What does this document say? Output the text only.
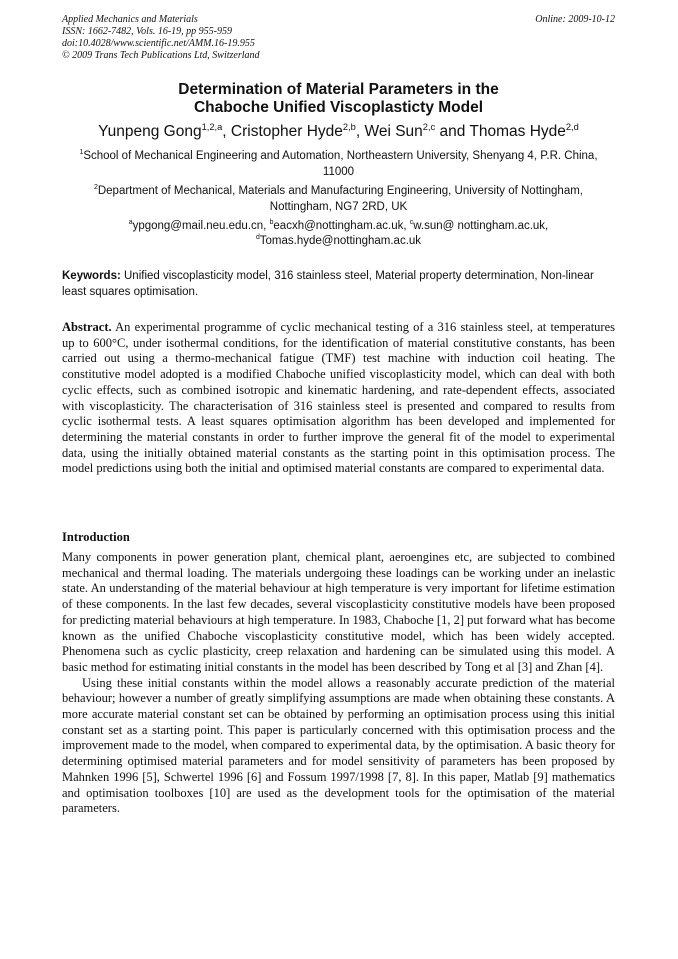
Applied Mechanics and Materials
ISSN: 1662-7482, Vols. 16-19, pp 955-959
doi:10.4028/www.scientific.net/AMM.16-19.955
© 2009 Trans Tech Publications Ltd, Switzerland
Online: 2009-10-12
Determination of Material Parameters in the
Chaboche Unified Viscoplasticty Model
Yunpeng Gong$^{1,2,a}$, Cristopher Hyde$^{2,b}$, Wei Sun$^{2,c}$ and Thomas Hyde$^{2,d}$
$^1$School of Mechanical Engineering and Automation, Northeastern University, Shenyang 4, P.R. China, 11000
$^2$Department of Mechanical, Materials and Manufacturing Engineering, University of Nottingham, Nottingham, NG7 2RD, UK
$^a$ypgong@mail.neu.edu.cn, $^b$eacxh@nottingham.ac.uk, $^c$w.sun@ nottingham.ac.uk,
$^d$Tomas.hyde@nottingham.ac.uk
Keywords: Unified viscoplasticity model, 316 stainless steel, Material property determination, Non-linear least squares optimisation.
Abstract. An experimental programme of cyclic mechanical testing of a 316 stainless steel, at temperatures up to 600°C, under isothermal conditions, for the identification of material constitutive constants, has been carried out using a thermo-mechanical fatigue (TMF) test machine with induction coil heating. The constitutive model adopted is a modified Chaboche unified viscoplasticity model, which can deal with both cyclic effects, such as combined isotropic and kinematic hardening, and rate-dependent effects, associated with viscoplasticity. The characterisation of 316 stainless steel is presented and compared to results from cyclic isothermal tests. A least squares optimisation algorithm has been developed and implemented for determining the material constants in order to further improve the general fit of the model to experimental data, using the initially obtained material constants as the starting point in this optimisation process. The model predictions using both the initial and optimised material constants are compared to experimental data.
Introduction

Many components in power generation plant, chemical plant, aeroengines etc, are subjected to combined mechanical and thermal loading. The materials undergoing these loadings can be working under an inelastic state. An understanding of the material behaviour at high temperature is very important for lifetime estimation of these components. In the last few decades, several viscoplasticity constitutive models have been proposed for predicting material behaviours at high temperature. In 1983, Chaboche [1, 2] put forward what has become known as the unified Chaboche viscoplasticity constitutive model, which has been widely accepted. Phenomena such as cyclic plasticity, creep relaxation and hardening can be simulated using this model. A basic method for estimating initial constants in the model has been described by Tong et al [3] and Zhan [4].

Using these initial constants within the model allows a reasonably accurate prediction of the material behaviour; however a number of greatly simplifying assumptions are made when obtaining these constants. A more accurate material constant set can be obtained by performing an optimisation process using this initial constant set as a starting point. This paper is particularly concerned with this optimisation process and the improvement made to the model, when compared to experimental data, by the optimisation. A basic theory for determining optimised material parameters and for model sensitivity of parameters has been proposed by Mahnken 1996 [5], Schwertel 1996 [6] and Fossum 1997/1998 [7, 8]. In this paper, Matlab [9] mathematics and optimisation toolboxes [10] are used as the development tools for the optimisation of the material parameters.
